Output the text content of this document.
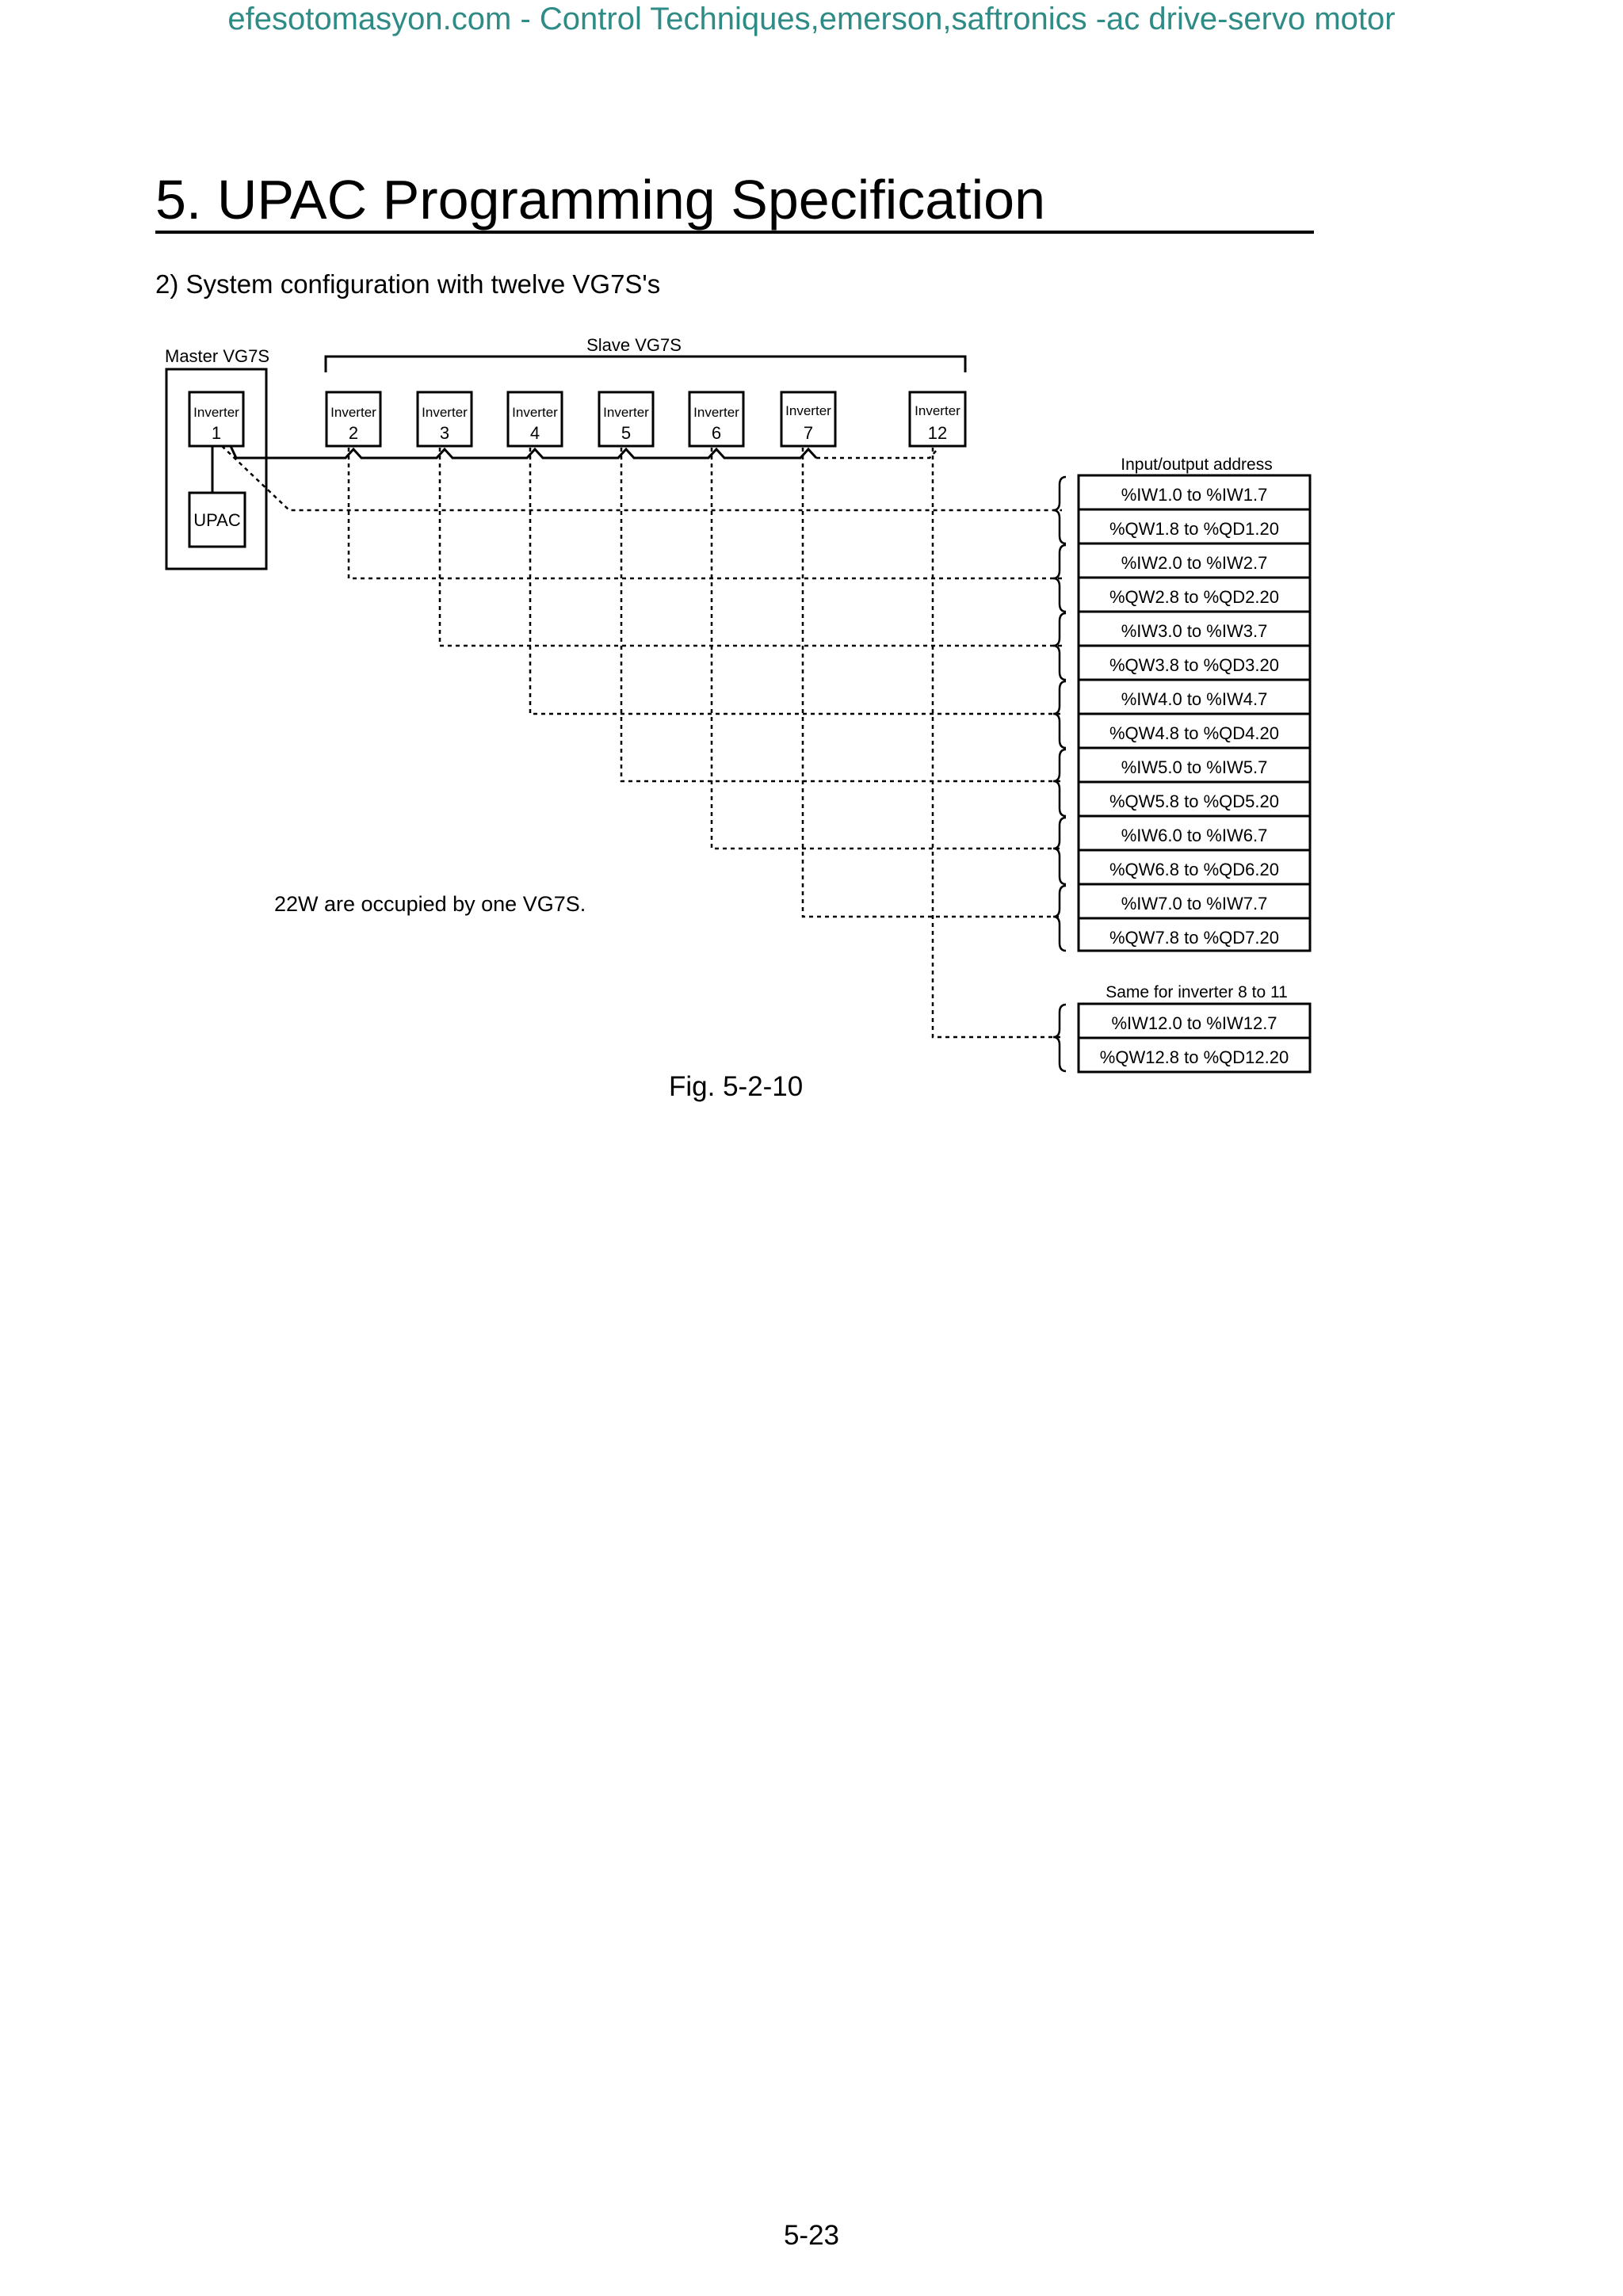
efesotomasyon.com - Control Techniques,emerson,saftronics -ac drive-servo motor
5. UPAC Programming Specification
2) System configuration with twelve VG7S's
Master VG7S
Slave VG7S
Inverter
1
Inverter
2
Inverter
3
Inverter
4
Inverter
5
Inverter
6
Inverter
7
Inverter
12
UPAC
Input/output address
%IW1.0 to %IW1.7
%QW1.8 to %QD1.20
%IW2.0 to %IW2.7
%QW2.8 to %QD2.20
%IW3.0 to %IW3.7
%QW3.8 to %QD3.20
%IW4.0 to %IW4.7
%QW4.8 to %QD4.20
%IW5.0 to %IW5.7
%QW5.8 to %QD5.20
%IW6.0 to %IW6.7
%QW6.8 to %QD6.20
%IW7.0 to %IW7.7
%QW7.8 to %QD7.20
22W are occupied by one VG7S.
Same for inverter 8 to 11
%IW12.0 to %IW12.7
%QW12.8 to %QD12.20
Fig. 5-2-10
5-23
